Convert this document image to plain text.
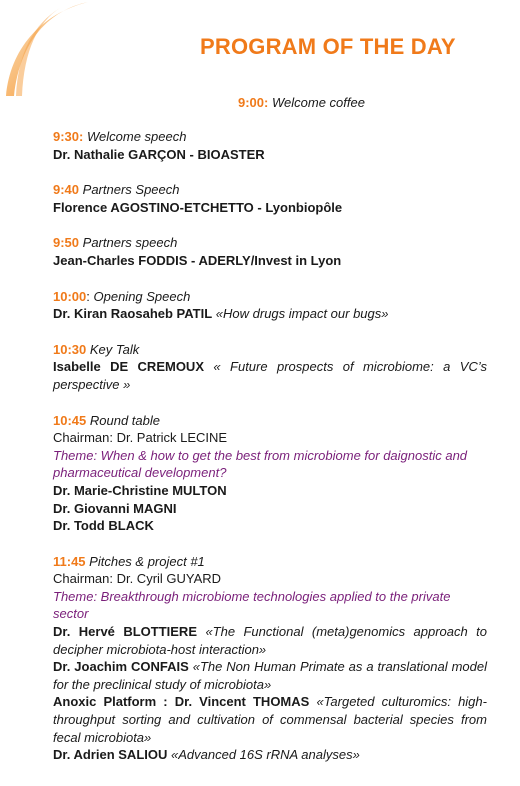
PROGRAM OF THE DAY
9:00: Welcome coffee
9:30: Welcome speech
Dr. Nathalie GARÇON - BIOASTER
9:40 Partners Speech
Florence AGOSTINO-ETCHETTO - Lyonbiopôle
9:50 Partners speech
Jean-Charles FODDIS - ADERLY/Invest in Lyon
10:00: Opening Speech
Dr. Kiran Raosaheb PATIL «How drugs impact our bugs»
10:30 Key Talk
Isabelle DE CREMOUX « Future prospects of microbiome: a VC’s perspective »
10:45 Round table
Chairman: Dr. Patrick LECINE
Theme: When & how to get the best from microbiome for daignostic and pharmaceutical development?
Dr. Marie-Christine MULTON
Dr. Giovanni MAGNI
Dr. Todd BLACK
11:45 Pitches & project #1
Chairman: Dr. Cyril GUYARD
Theme: Breakthrough microbiome technologies applied to the private sector
Dr. Hervé BLOTTIERE «The Functional (meta)genomics approach to decipher microbiota-host interaction»
Dr. Joachim CONFAIS «The Non Human Primate as a translational model for the preclinical study of microbiota»
Anoxic Platform : Dr. Vincent THOMAS «Targeted culturomics: high-throughput sorting and cultivation of commensal bacterial species from fecal microbiota»
Dr. Adrien SALIOU «Advanced 16S rRNA analyses»
